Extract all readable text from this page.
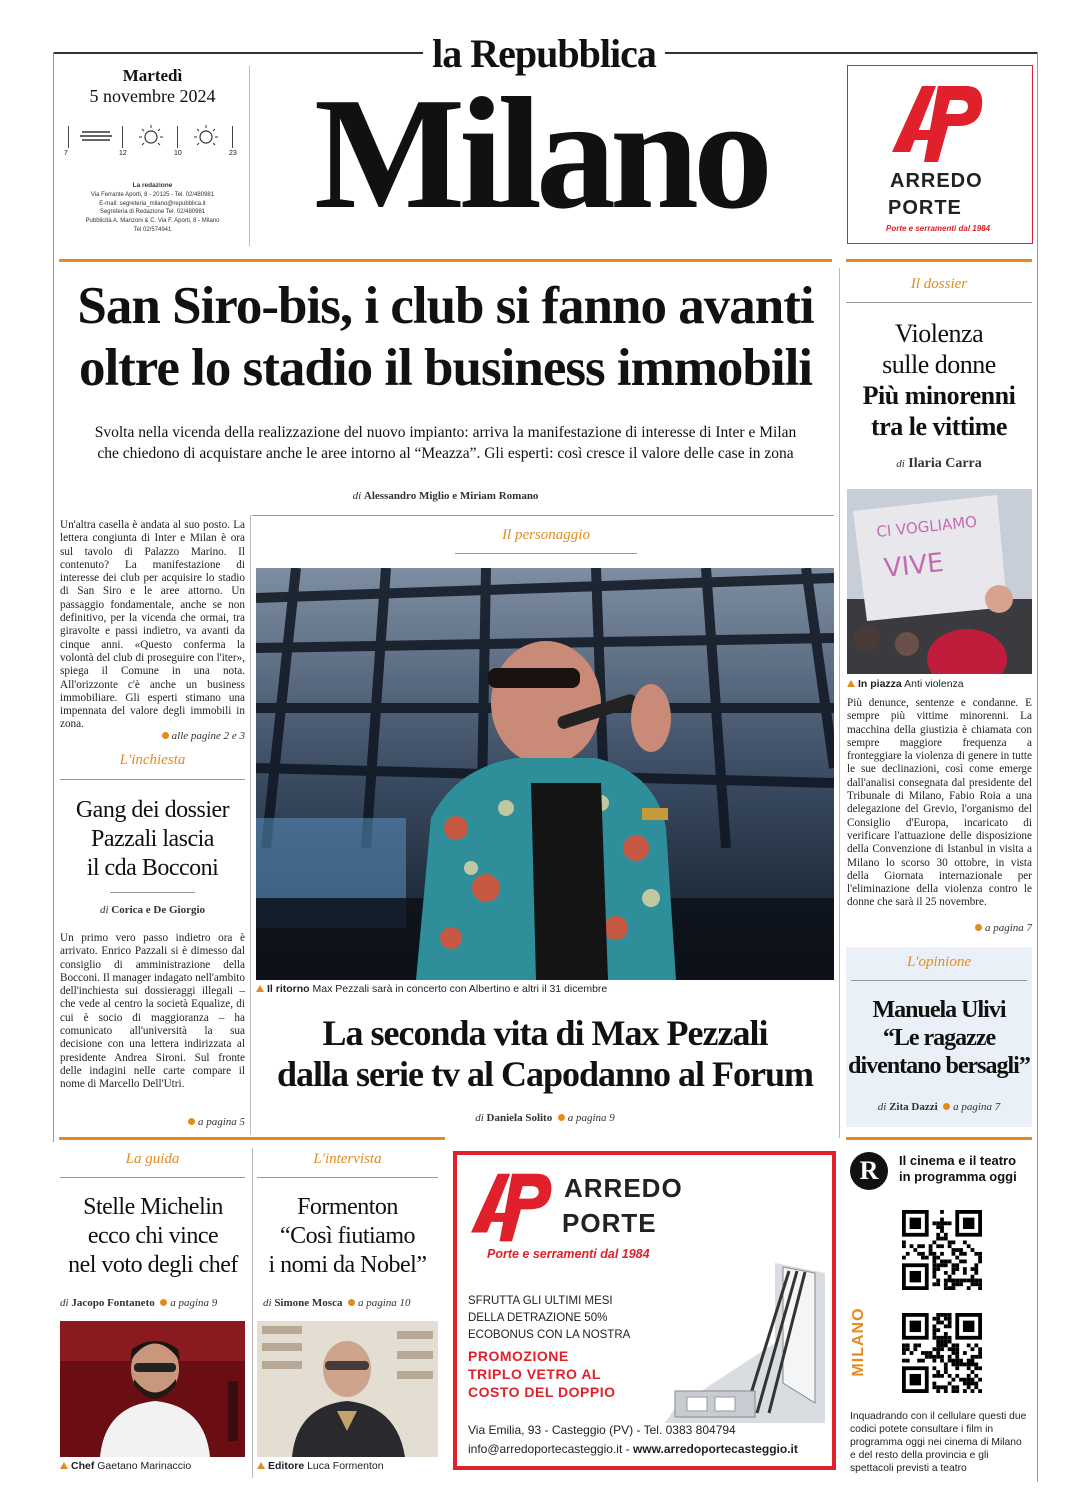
la Repubblica
Milano
Martedì
5 novembre 2024
7	12	10	23
La redazione
Via Ferrante Aporti, 8 - 20125 - Tel. 02/480981
E-mail: segreteria_milano@repubblica.it
Segreteria di Redazione Tel. 02/480981
Pubblicità A. Manzoni & C. Via F. Aporti, 8 - Milano
Tel 02/574941
ARREDO
PORTE
Porte e serramenti dal 1984
San Siro-bis, i club si fanno avanti
oltre lo stadio il business immobili
Svolta nella vicenda della realizzazione del nuovo impianto: arriva la manifestazione di interesse di Inter e Milan
che chiedono di acquistare anche le aree intorno al “Meazza”. Gli esperti: così cresce il valore delle case in zona
di Alessandro Miglio e Miriam Romano
Un'altra casella è andata al suo posto. La lettera congiunta di Inter e Milan è ora sul tavolo di Palazzo Marino. Il contenuto? La manifestazione di interesse dei club per acquisire lo stadio di San Siro e le aree attorno. Un passaggio fondamentale, anche se non definitivo, per la vicenda che ormai, tra giravolte e passi indietro, va avanti da cinque anni. «Questo conferma la volontà del club di proseguire con l'iter», spiega il Comune in una nota. All'orizzonte c'è anche un business immobiliare. Gli esperti stimano una impennata del valore degli immobili in zona.
alle pagine 2 e 3
L'inchiesta
Gang dei dossier
Pazzali lascia
il cda Bocconi
di Corica e De Giorgio
Un primo vero passo indietro ora è arrivato. Enrico Pazzali si è dimesso dal consiglio di amministrazione della Bocconi. Il manager indagato nell'ambito dell'inchiesta sui dossieraggi illegali – che vede al centro la società Equalize, di cui è socio di maggioranza – ha comunicato all'università la sua decisione con una lettera indirizzata al presidente Andrea Sironi. Sul fronte delle indagini nelle carte compare il nome di Marcello Dell'Utri.
a pagina 5
Il personaggio
Il ritorno Max Pezzali sarà in concerto con Albertino e altri il 31 dicembre
La seconda vita di Max Pezzali
dalla serie tv al Capodanno al Forum
di Daniela Solito a pagina 9
Il dossier
Violenza
sulle donne
Più minorenni
tra le vittime
di Ilaria Carra
CI VOGLIAMO
VIVE
In piazza Anti violenza
Più denunce, sentenze e condanne. E sempre più vittime minorenni. La macchina della giustizia è chiamata con sempre maggiore frequenza a fronteggiare la violenza di genere in tutte le sue declinazioni, così come emerge dall'analisi consegnata dal presidente del Tribunale di Milano, Fabio Roia a una delegazione del Grevio, l'organismo del Consiglio d'Europa, incaricato di verificare l'attuazione delle disposizione della Convenzione di Istanbul in visita a Milano lo scorso 30 ottobre, in vista della Giornata internazionale per l'eliminazione della violenza contro le donne che sarà il 25 novembre.
a pagina 7
L'opinione
Manuela Ulivi
“Le ragazze
diventano bersagli”
di Zita Dazzi a pagina 7
La guida
Stelle Michelin
ecco chi vince
nel voto degli chef
di Jacopo Fontaneto a pagina 9
Chef Gaetano Marinaccio
L'intervista
Formenton
“Così fiutiamo
i nomi da Nobel”
di Simone Mosca a pagina 10
Editore Luca Formenton
ARREDO
PORTE
Porte e serramenti dal 1984
SFRUTTA GLI ULTIMI MESI
DELLA DETRAZIONE 50%
ECOBONUS CON LA NOSTRA
PROMOZIONE
TRIPLO VETRO AL
COSTO DEL DOPPIO
Via Emilia, 93 - Casteggio (PV) - Tel. 0383 804794
info@arredoportecasteggio.it - www.arredoportecasteggio.it
R	Il cinema e il teatro
in programma oggi
MILANO
Inquadrando con il cellulare questi due codici potete consultare i film in programma oggi nei cinema di Milano e del resto della provincia e gli spettacoli previsti a teatro
